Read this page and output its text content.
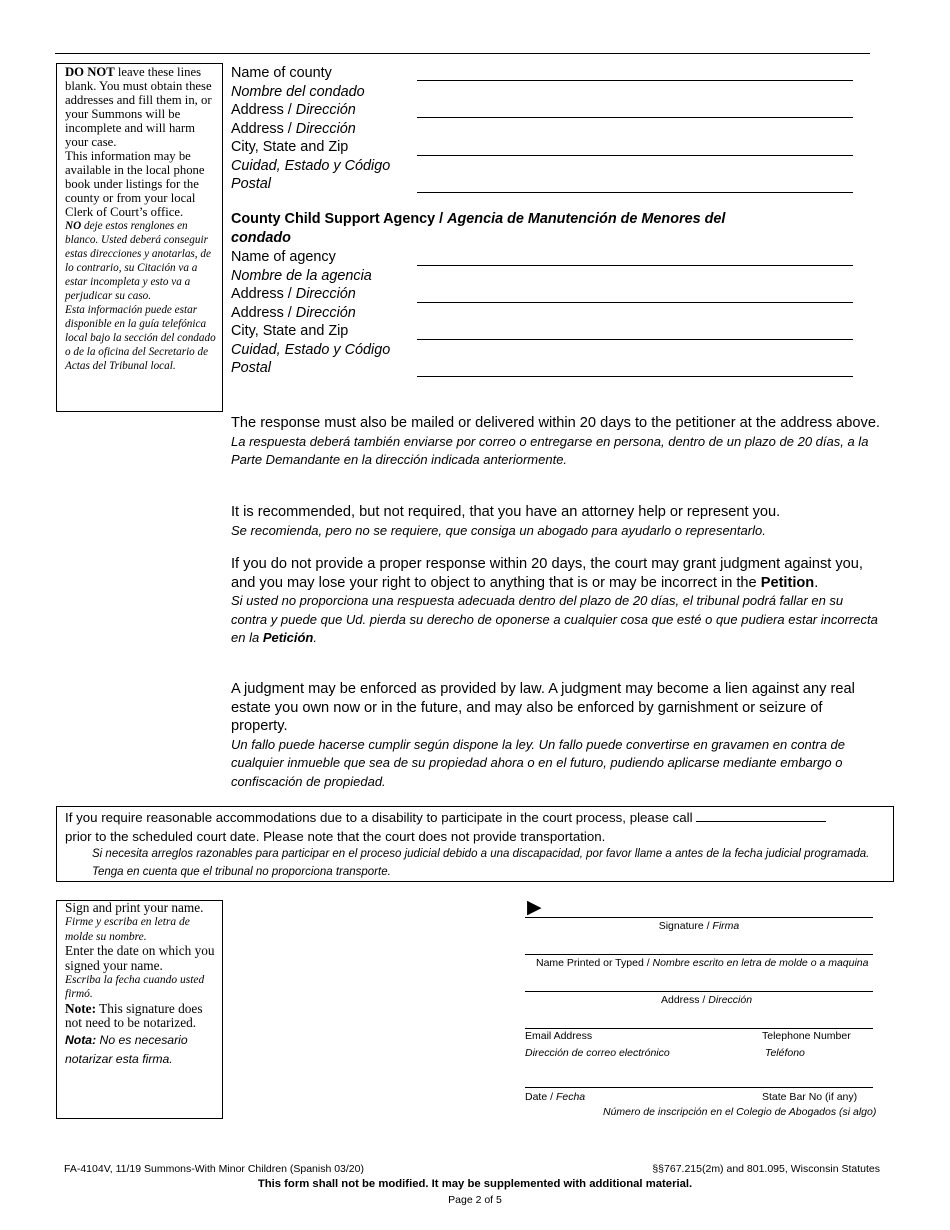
DO NOT leave these lines blank. You must obtain these addresses and fill them in, or your Summons will be incomplete and will harm your case.

This information may be available in the local phone book under listings for the county or from your local Clerk of Court’s office.

NO deje estos renglones en blanco. Usted deberá conseguir estas direcciones y anotarlas, de lo contrario, su Citación va a estar incompleta y esto va a perjudicar su caso.

Esta información puede estar disponible en la guía telefónica local bajo la sección del condado o de la oficina del Secretario de Actas del Tribunal local.

Name of county
Nombre del condado
Address / Dirección
Address / Dirección
City, State and Zip
Cuidad, Estado y Código
Postal
County Child Support Agency / Agencia de Manutención de Menores del
condado
Name of agency
Nombre de la agencia
Address / Dirección
Address / Dirección
City, State and Zip
Cuidad, Estado y Código
Postal

The response must also be mailed or delivered within 20 days to the petitioner at the address above.

La respuesta deberá también enviarse por correo o entregarse en persona, dentro de un plazo de 20 días, a la Parte Demandante en la dirección indicada anteriormente.

It is recommended, but not required, that you have an attorney help or represent you.

Se recomienda, pero no se requiere, que consiga un abogado para ayudarlo o representarlo.

If you do not provide a proper response within 20 days, the court may grant judgment against you, and you may lose your right to object to anything that is or may be incorrect in the Petition.

Si usted no proporciona una respuesta adecuada dentro del plazo de 20 días, el tribunal podrá fallar en su contra y puede que Ud. pierda su derecho de oponerse a cualquier cosa que esté o que pudiera estar incorrecta en la Petición.

A judgment may be enforced as provided by law. A judgment may become a lien against any real estate you own now or in the future, and may also be enforced by garnishment or seizure of property.

Un fallo puede hacerse cumplir según dispone la ley. Un fallo puede convertirse en gravamen en contra de cualquier inmueble que sea de su propiedad ahora o en el futuro, pudiendo aplicarse mediante embargo o confiscación de propiedad.

If you require reasonable accommodations due to a disability to participate in the court process, please call

prior to the scheduled court date. Please note that the court does not provide transportation.

Si necesita arreglos razonables para participar en el proceso judicial debido a una discapacidad, por favor llame a antes de la fecha judicial programada. Tenga en cuenta que el tribunal no proporciona transporte.

Sign and print your name.
Firme y escriba en letra de molde su nombre.
Enter the date on which you signed your name.
Escriba la fecha cuando usted firmó.
Note: This signature does not need to be notarized.
Nota: No es necesario notarizar esta firma.
▶
Signature / Firma
Name Printed or Typed / Nombre escrito en letra de molde o a maquina
Address / Dirección
Email Address
Dirección de correo electrónico
Telephone Number
Teléfono
Date / Fecha	State Bar No (if any)
Número de inscripción en el Colegio de Abogados (si algo)
FA-4104V, 11/19 Summons-With Minor Children (Spanish 03/20)	§§767.215(2m) and 801.095, Wisconsin Statutes
This form shall not be modified. It may be supplemented with additional material.
Page 2 of 5
